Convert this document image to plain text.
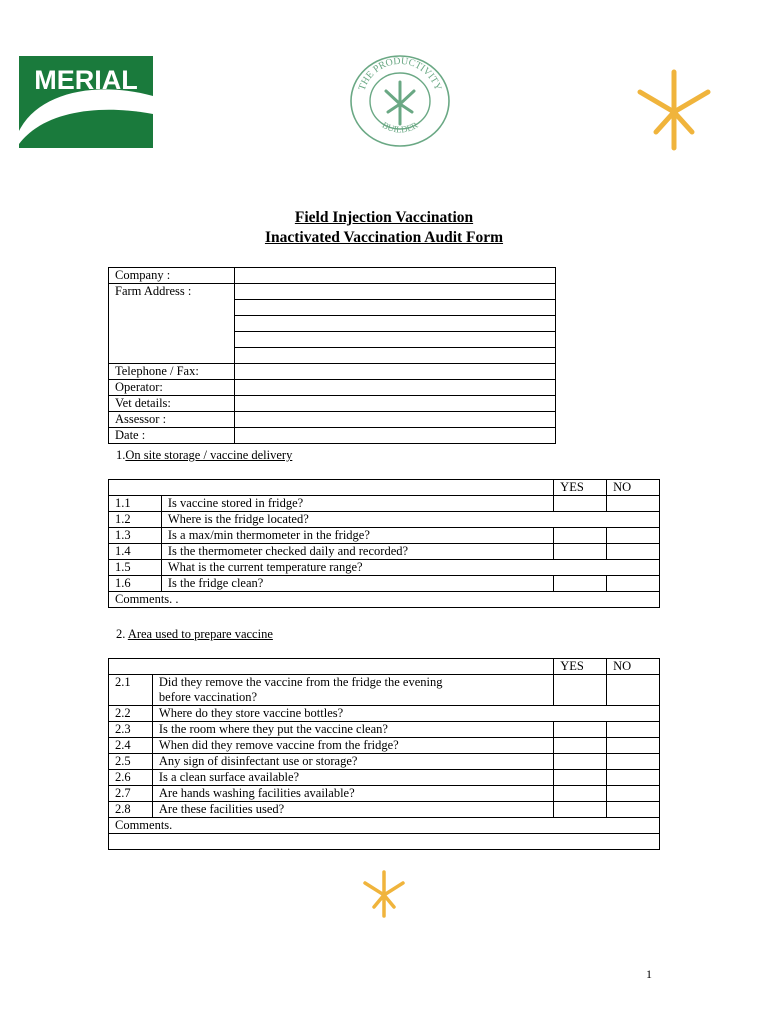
MERIAL	THE PRODUCTIVITY
BUILDER
Field Injection Vaccination
Inactivated Vaccination Audit Form
Company :	
Farm Address :	

Telephone / Fax:	
Operator:	
Vet details:	
Assessor :	
Date :	
1.On site storage / vaccine delivery
		YES	NO
1.1	Is vaccine stored in fridge?		
1.2	Where is the fridge located?		
1.3	Is a max/min thermometer in the fridge?		
1.4	Is the thermometer checked daily and recorded?		
1.5	What is the current temperature range?		
1.6	Is the fridge clean?		
Comments. .			
2. Area used to prepare vaccine
		YES	NO
2.1	Did they remove the vaccine from the fridge the evening
before vaccination?		

2.2	Where do they store vaccine bottles?		
2.3	Is the room where they put the vaccine clean?		
2.4	When did they remove vaccine from the fridge?		
2.5	Any sign of disinfectant use or storage?		
2.6	Is a clean surface available?		
2.7	Are hands washing facilities available?		
2.8	Are these facilities used?		
Comments.			

1
